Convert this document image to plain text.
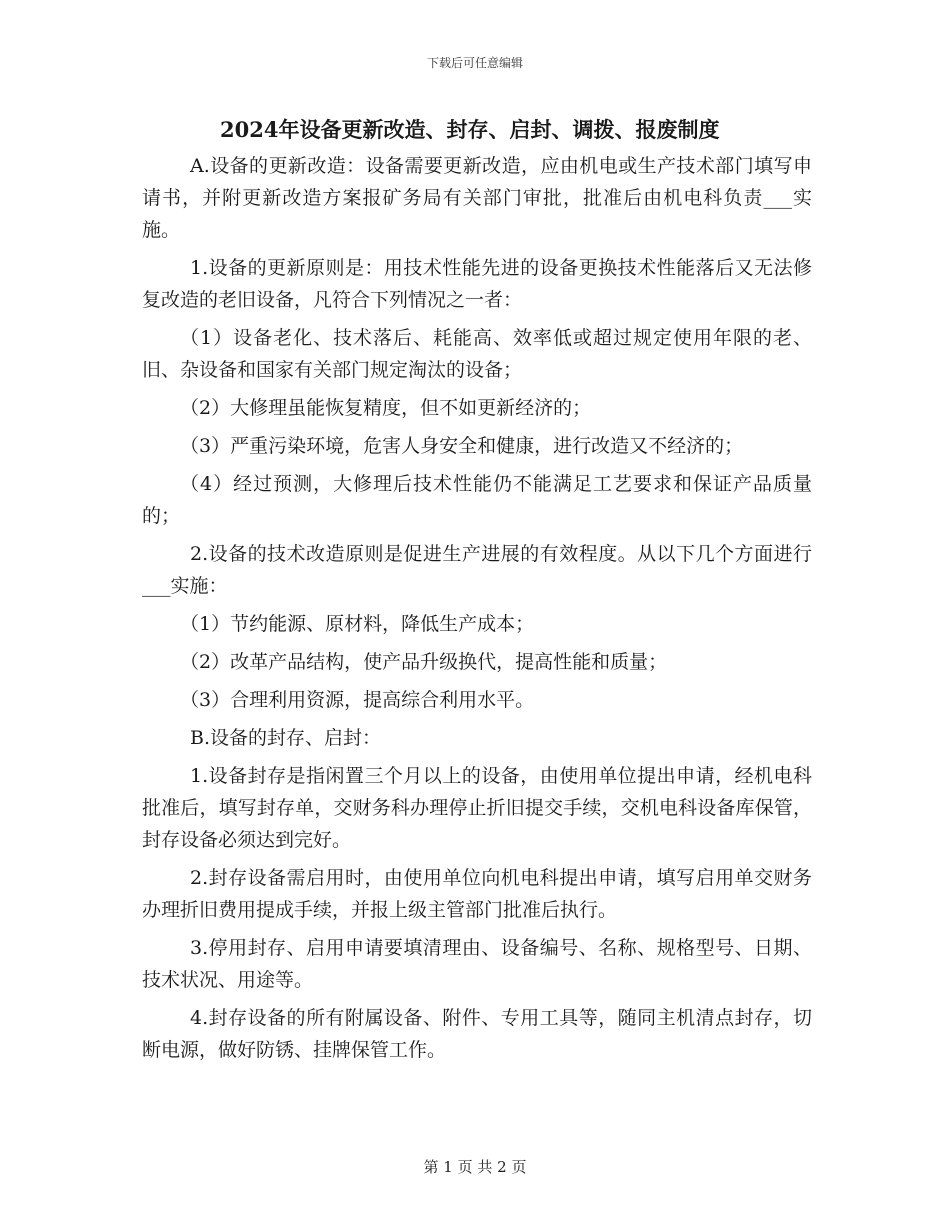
下载后可任意编辑
2024年设备更新改造、封存、启封、调拨、报废制度
A.设备的更新改造：设备需要更新改造，应由机电或生产技术部门填写申请书，并附更新改造方案报矿务局有关部门审批，批准后由机电科负责___实施。
1.设备的更新原则是：用技术性能先进的设备更换技术性能落后又无法修复改造的老旧设备，凡符合下列情况之一者：
（1）设备老化、技术落后、耗能高、效率低或超过规定使用年限的老、旧、杂设备和国家有关部门规定淘汰的设备；
（2）大修理虽能恢复精度，但不如更新经济的；
（3）严重污染环境，危害人身安全和健康，进行改造又不经济的；
（4）经过预测，大修理后技术性能仍不能满足工艺要求和保证产品质量的；
2.设备的技术改造原则是促进生产进展的有效程度。从以下几个方面进行___实施：
（1）节约能源、原材料，降低生产成本；
（2）改革产品结构，使产品升级换代，提高性能和质量；
（3）合理利用资源，提高综合利用水平。
B.设备的封存、启封：
1.设备封存是指闲置三个月以上的设备，由使用单位提出申请，经机电科批准后，填写封存单，交财务科办理停止折旧提交手续，交机电科设备库保管，封存设备必须达到完好。
2.封存设备需启用时，由使用单位向机电科提出申请，填写启用单交财务办理折旧费用提成手续，并报上级主管部门批准后执行。
3.停用封存、启用申请要填清理由、设备编号、名称、规格型号、日期、技术状况、用途等。
4.封存设备的所有附属设备、附件、专用工具等，随同主机清点封存，切断电源，做好防锈、挂牌保管工作。
第 1 页 共 2 页
